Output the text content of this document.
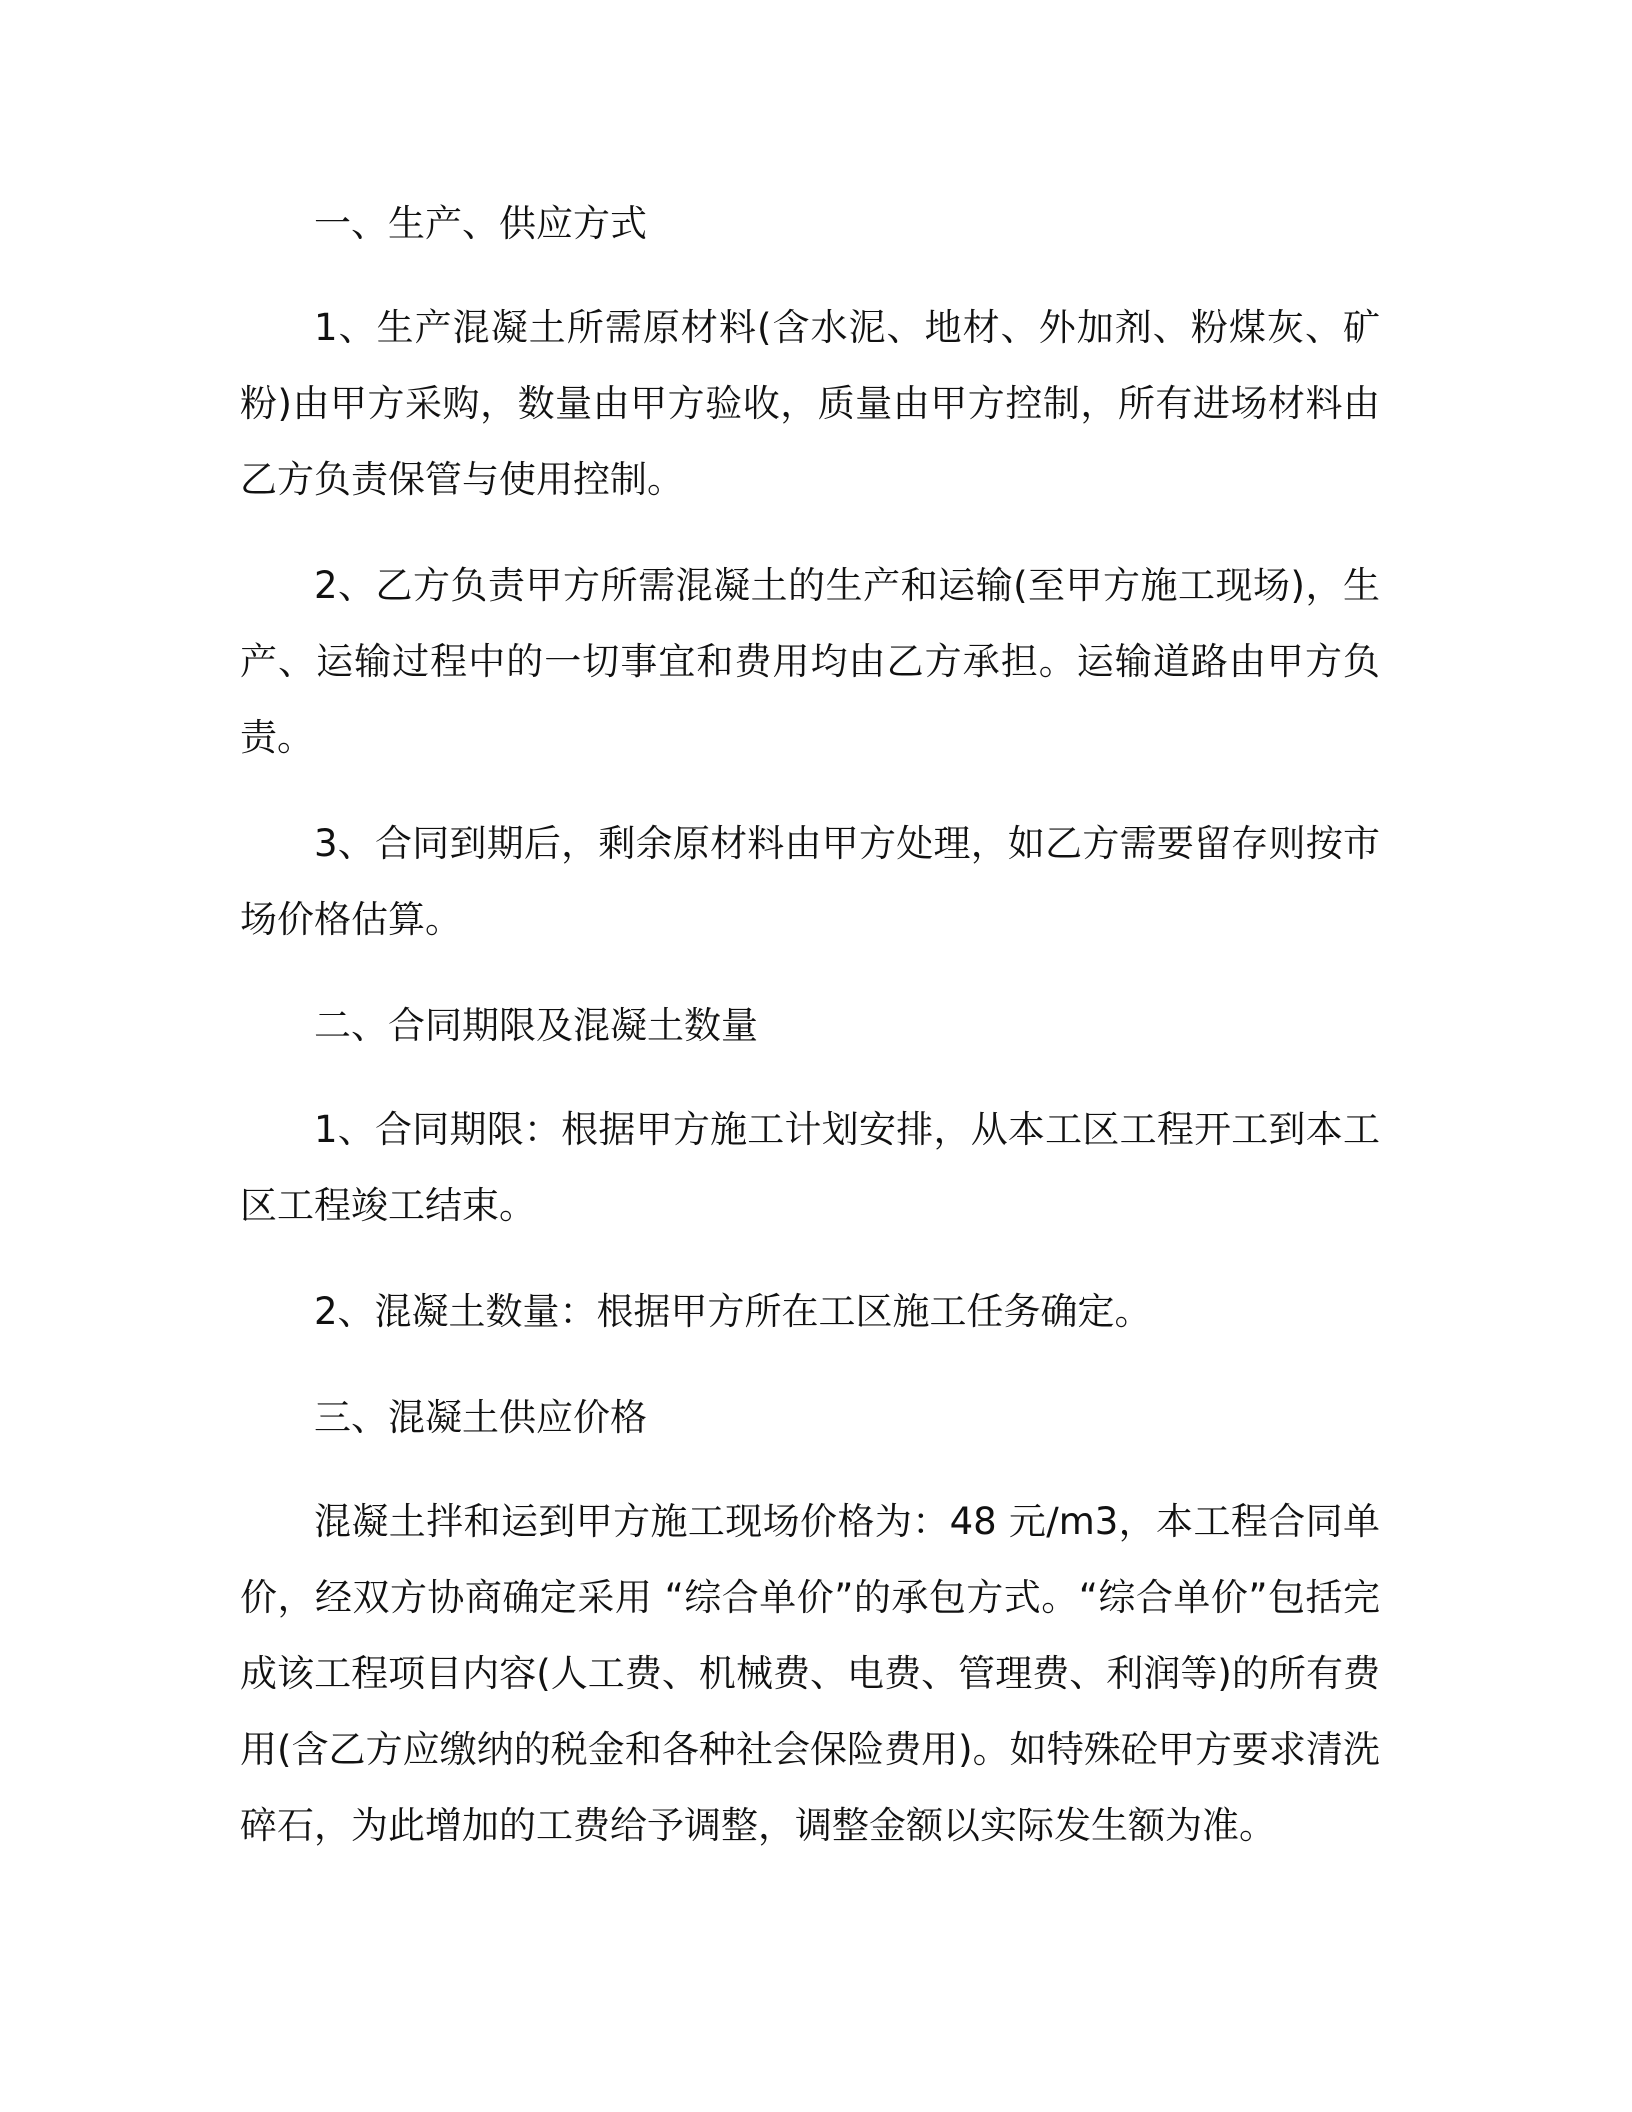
一、生产、供应方式

1、生产混凝土所需原材料(含水泥、地材、外加剂、粉煤灰、矿粉)由甲方采购，数量由甲方验收，质量由甲方控制，所有进场材料由乙方负责保管与使用控制。

2、乙方负责甲方所需混凝土的生产和运输(至甲方施工现场)，生产、运输过程中的一切事宜和费用均由乙方承担。运输道路由甲方负责。

3、合同到期后，剩余原材料由甲方处理，如乙方需要留存则按市场价格估算。

二、合同期限及混凝土数量

1、合同期限：根据甲方施工计划安排，从本工区工程开工到本工区工程竣工结束。

2、混凝土数量：根据甲方所在工区施工任务确定。

三、混凝土供应价格

混凝土拌和运到甲方施工现场价格为：48 元/m3，本工程合同单价，经双方协商确定采用 “综合单价”的承包方式。“综合单价”包括完成该工程项目内容(人工费、机械费、电费、管理费、利润等)的所有费用(含乙方应缴纳的税金和各种社会保险费用)。如特殊砼甲方要求清洗碎石，为此增加的工费给予调整，调整金额以实际发生额为准。
